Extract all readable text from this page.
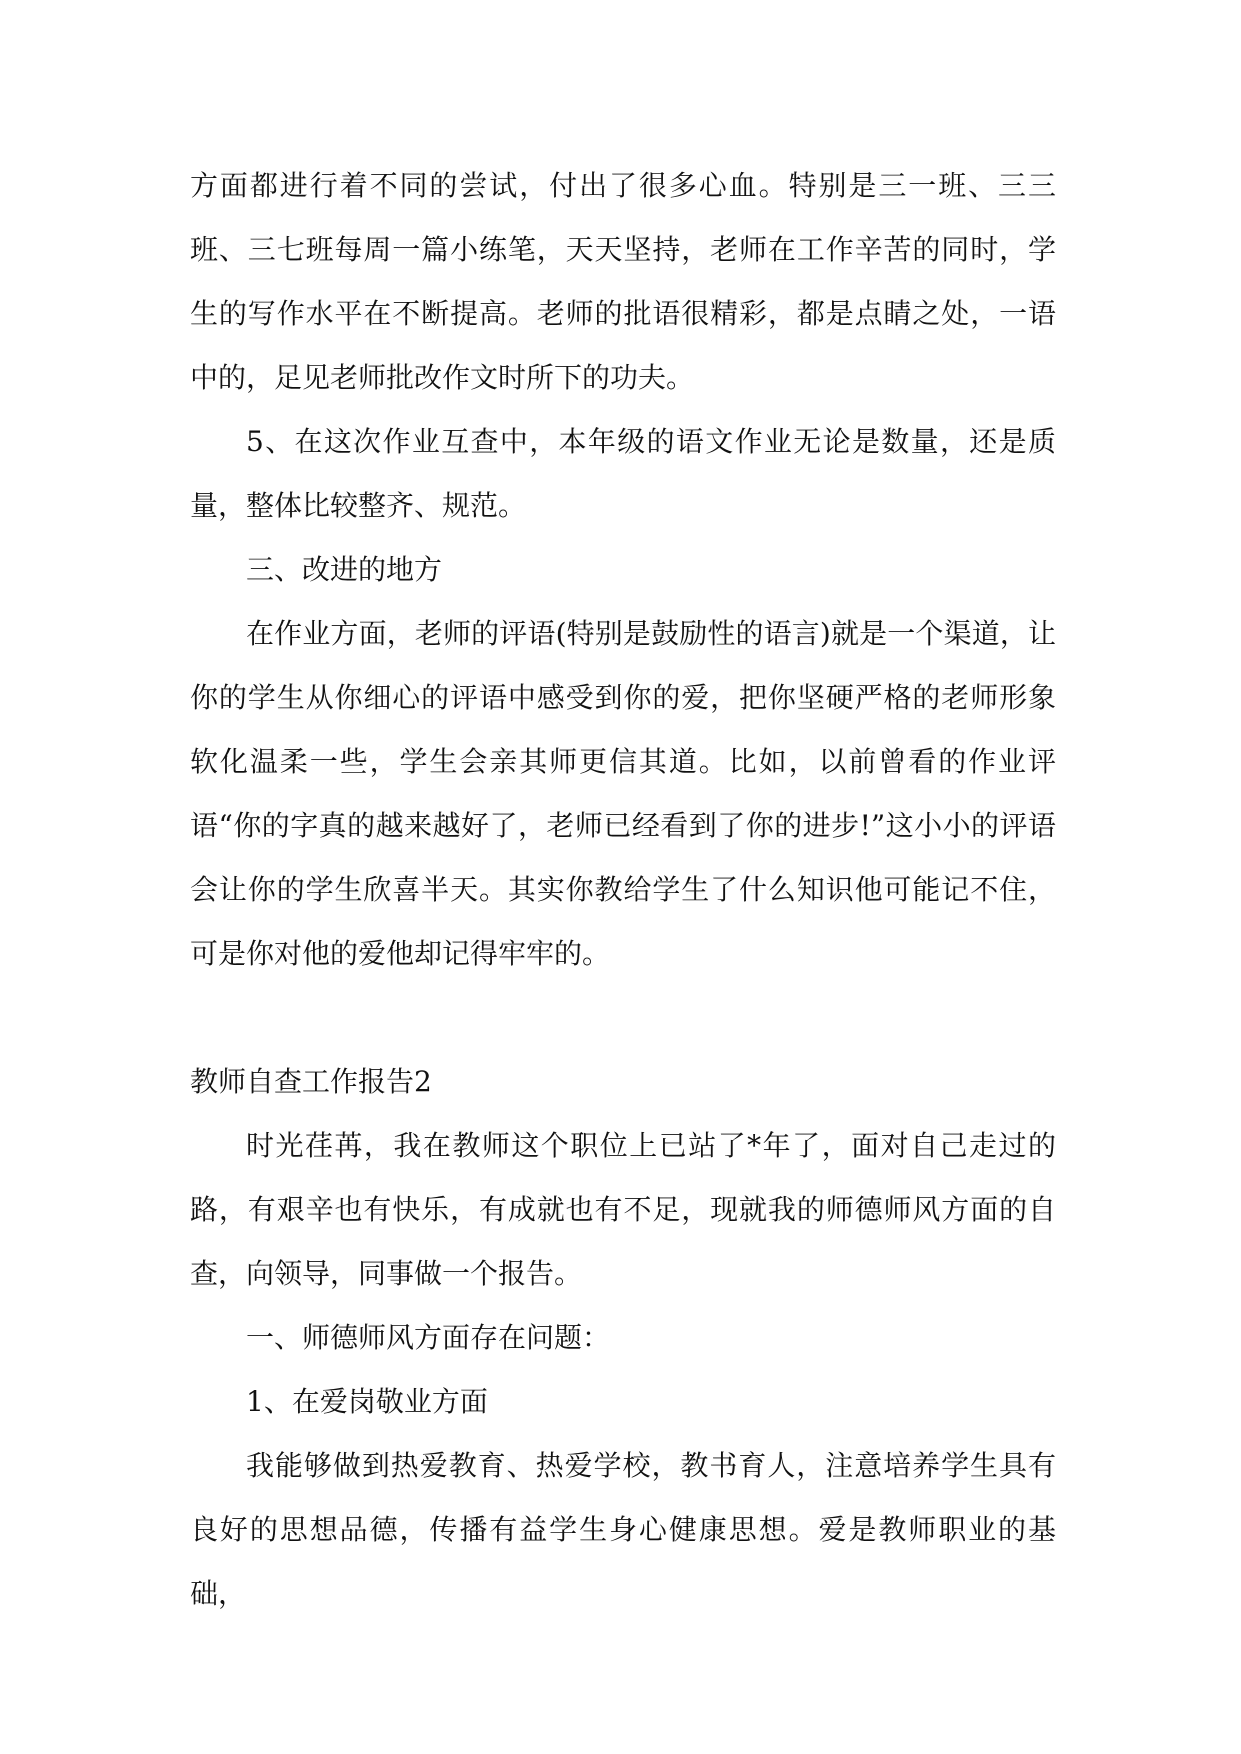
方面都进行着不同的尝试，付出了很多心血。特别是三一班、三三班、三七班每周一篇小练笔，天天坚持，老师在工作辛苦的同时，学生的写作水平在不断提高。老师的批语很精彩，都是点睛之处，一语中的，足见老师批改作文时所下的功夫。

5、在这次作业互查中，本年级的语文作业无论是数量，还是质量，整体比较整齐、规范。

三、改进的地方

在作业方面，老师的评语(特别是鼓励性的语言)就是一个渠道，让你的学生从你细心的评语中感受到你的爱，把你坚硬严格的老师形象软化温柔一些，学生会亲其师更信其道。比如，以前曾看的作业评语“你的字真的越来越好了，老师已经看到了你的进步!”这小小的评语会让你的学生欣喜半天。其实你教给学生了什么知识他可能记不住，可是你对他的爱他却记得牢牢的。

教师自查工作报告2

时光荏苒，我在教师这个职位上已站了*年了，面对自己走过的路，有艰辛也有快乐，有成就也有不足，现就我的师德师风方面的自查，向领导，同事做一个报告。

一、师德师风方面存在问题：

1、在爱岗敬业方面

我能够做到热爱教育、热爱学校，教书育人，注意培养学生具有良好的思想品德，传播有益学生身心健康思想。爱是教师职业的基础，
